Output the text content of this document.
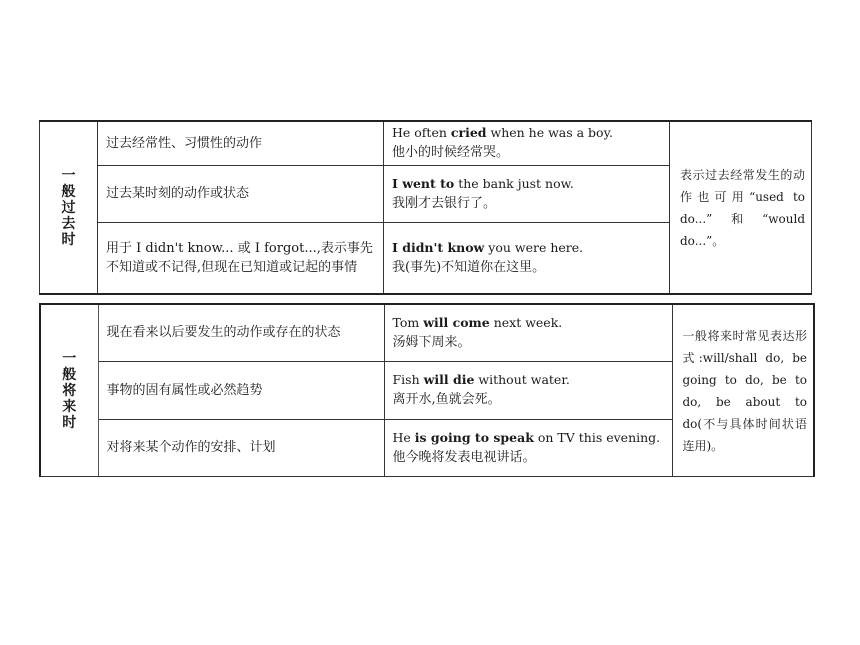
一般过去时	过去经常性、习惯性的动作	He often cried when he was a boy.
他小的时候经常哭。	表示过去经常发生的动作也可用“used to do...”和“would do...”。
	过去某时刻的动作或状态	I went to the bank just now.
我刚才去银行了。	

	用于 I didn't know... 或 I forgot...,表示事先不知道或不记得,但现在已知道或记起的事情	I didn't know you were here.
我(事先)不知道你在这里。	
一般将来时	现在看来以后要发生的动作或存在的状态	Tom will come next week.
汤姆下周来。	一般将来时常见表达形式:will/shall do, be going to do, be to do, be about to do(不与具体时间状语连用)。
	事物的固有属性或必然趋势	Fish will die without water.
离开水,鱼就会死。	

	对将来某个动作的安排、计划	He is going to speak on TV this evening.
他今晚将发表电视讲话。	
